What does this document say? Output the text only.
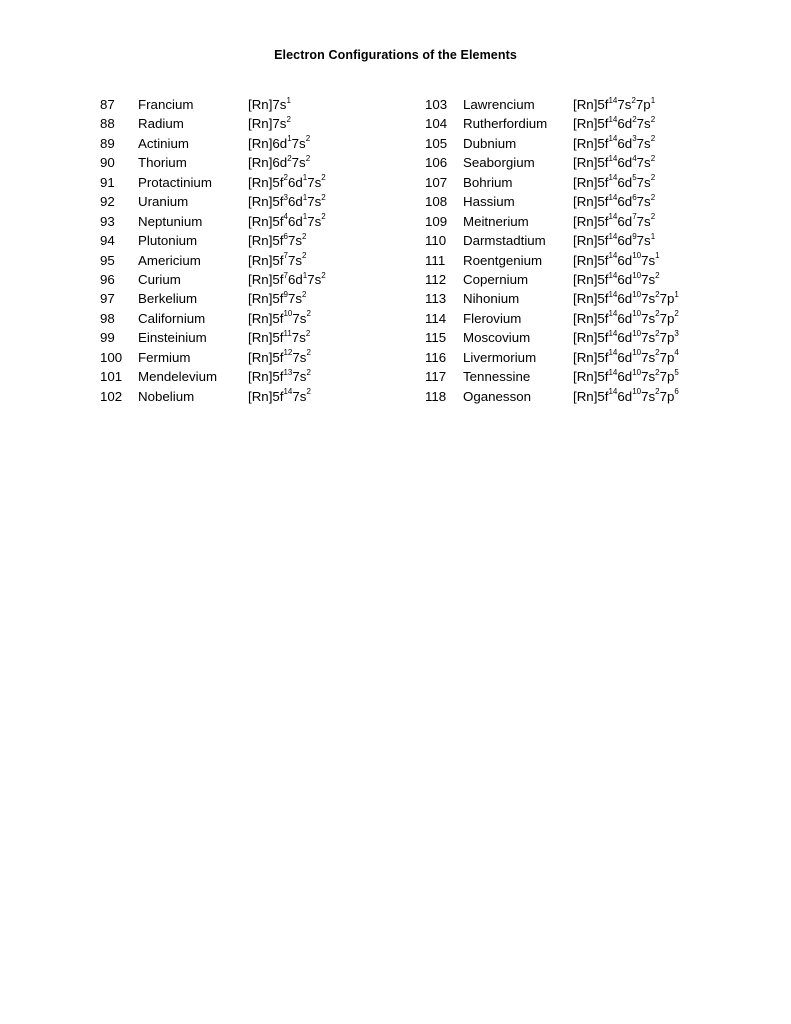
Electron Configurations of the Elements
87 Francium	$[Rn]7s^1$
88 Radium	$[Rn]7s^2$
89 Actinium	$[Rn]6d^17s^2$
90 Thorium	$[Rn]6d^27s^2$
91 Protactinium	$[Rn]5f^26d^17s^2$
92 Uranium	$[Rn]5f^36d^17s^2$
93 Neptunium	$[Rn]5f^46d^17s^2$
94 Plutonium	$[Rn]5f^67s^2$
95 Americium	$[Rn]5f^77s^2$
96 Curium	$[Rn]5f^76d^17s^2$
97 Berkelium	$[Rn]5f^97s^2$
98 Californium	$[Rn]5f^{10}7s^2$
99 Einsteinium	$[Rn]5f^{11}7s^2$
100 Fermium	$[Rn]5f^{12}7s^2$
101 Mendelevium $[Rn]5f^{13}7s^2$
102 Nobelium	$[Rn]5f^{14}7s^2$
103 Lawrencium	$[Rn]5f^{14}7s^27p^1$
104 Rutherfordium $[Rn]5f^{14}6d^27s^2$
105 Dubnium	$[Rn]5f^{14}6d^37s^2$
106 Seaborgium	$[Rn]5f^{14}6d^47s^2$
107 Bohrium	$[Rn]5f^{14}6d^57s^2$
108 Hassium	$[Rn]5f^{14}6d^67s^2$
109 Meitnerium	$[Rn]5f^{14}6d^77s^2$
110 Darmstadtium $[Rn]5f^{14}6d^97s^1$
111 Roentgenium $[Rn]5f^{14}6d^{10}7s^1$
112 Copernium	$[Rn]5f^{14}6d^{10}7s^2$
113 Nihonium	$[Rn]5f^{14}6d^{10}7s^27p^1$
114 Flerovium	$[Rn]5f^{14}6d^{10}7s^27p^2$
115 Moscovium	$[Rn]5f^{14}6d^{10}7s^27p^3$
116 Livermorium	$[Rn]5f^{14}6d^{10}7s^27p^4$
117 Tennessine	$[Rn]5f^{14}6d^{10}7s^27p^5$
118 Oganesson	$[Rn]5f^{14}6d^{10}7s^27p^6$
